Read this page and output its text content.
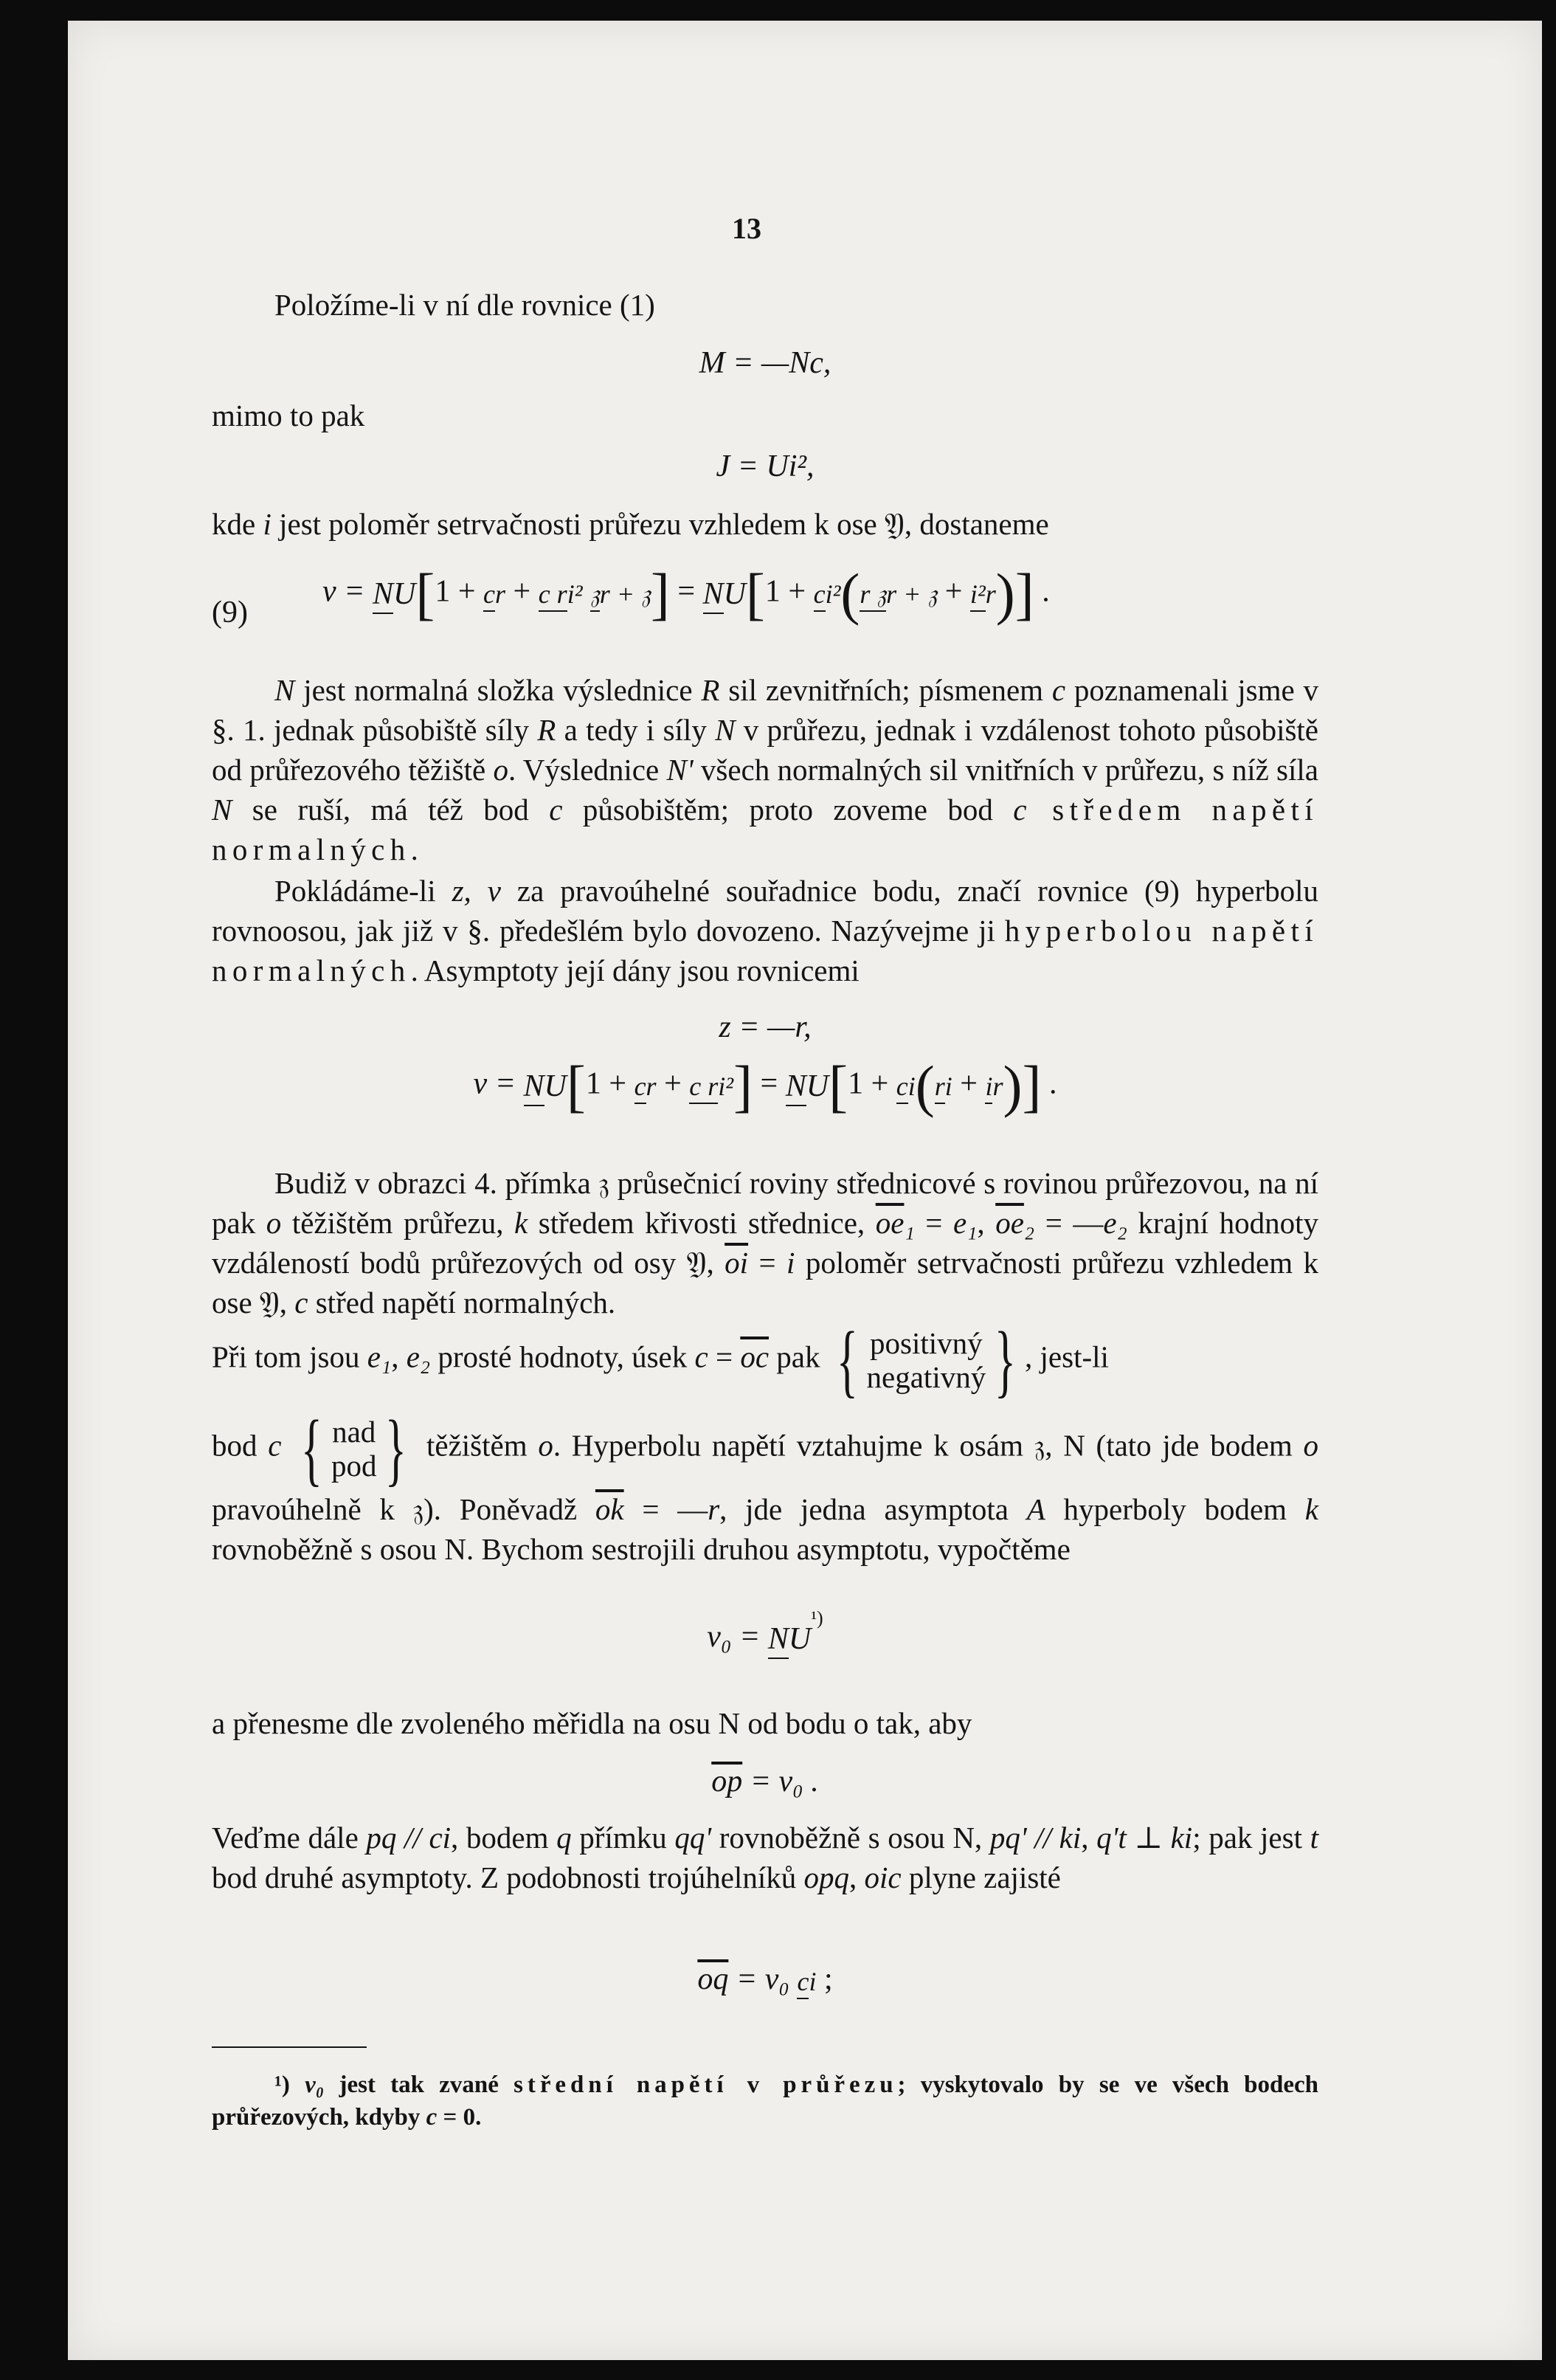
13
Položíme-li v ní dle rovnice (1)
M = —Nc,
mimo to pak
J = Ui²,
kde i jest poloměr setrvačnosti průřezu vzhledem k ose 𝔜, dostaneme
(9)
v = NU[1 + cr + c ri² 𝔷r + 𝔷] = NU[1 + ci²(r 𝔷r + 𝔷 + i²r)] .
N jest normalná složka výslednice R sil zevnitřních; písmenem c poznamenali jsme v §. 1. jednak působiště síly R a tedy i síly N v průřezu, jednak i vzdálenost tohoto působiště od průřezového těžiště o. Výslednice N' všech normalných sil vnitřních v průřezu, s níž síla N se ruší, má též bod c působištěm; proto zoveme bod c středem napětí normalných.
Pokládáme-li z, v za pravoúhelné souřadnice bodu, značí rovnice (9) hyperbolu rovnoosou, jak již v §. předešlém bylo dovozeno. Nazývejme ji hyperbolou napětí normalných. Asymptoty její dány jsou rovnicemi
z = —r,
v = NU[1 + cr + c ri²] = NU[1 + ci(ri + ir)] .
Budiž v obrazci 4. přímka 𝔷 průsečnicí roviny střednicové s rovinou průřezovou, na ní pak o těžištěm průřezu, k středem křivosti střednice, $\overline{oe}_1 = e_1$, $\overline{oe}_2$ = —e₂ krajní hodnoty vzdáleností bodů průřezových od osy 𝔜, $\overline{oi} = i$ poloměr setrvačnosti průřezu vzhledem k ose 𝔜, c střed napětí normalných.
Při tom jsou e₁, e₂ prosté hodnoty, úsek $c = \overline{oc}$ pak { positivný
negativný } , jest-li
bod c { nad
pod } těžištěm o. Hyperbolu napětí vztahujme k osám 𝔷, N (tato jde bodem o pravoúhelně k 𝔷). Poněvadž $\overline{ok}$ = —r, jde jedna asymptota A hyperboly bodem k rovnoběžně s osou N. Bychom sestrojili druhou asymptotu, vypočtěme
$v_0 = NU^{^1)}$
a přenesme dle zvoleného měřidla na osu N od bodu o tak, aby
$\overline{op} = v_0$ .
Veďme dále pq // ci, bodem q přímku qq' rovnoběžně s osou N, pq' // ki, q't ⊥ ki; pak jest t bod druhé asymptoty. Z podobnosti trojúhelníků opq, oic plyne zajisté
$\overline{oq} = v_0$ ci ;
¹) v₀ jest tak zvané střední napětí v průřezu; vyskytovalo by se ve všech bodech průřezových, kdyby c = 0.
